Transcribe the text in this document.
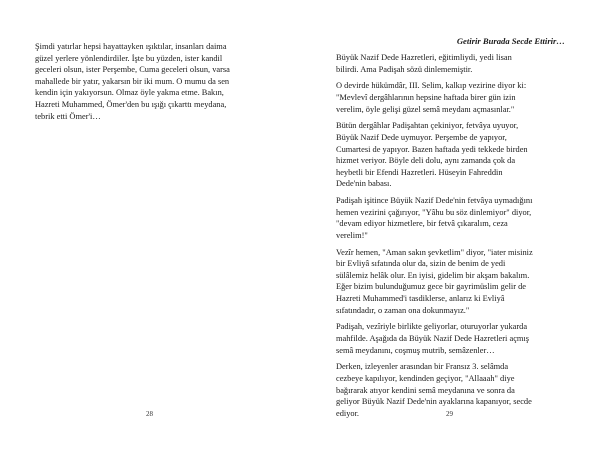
Şimdi yatırlar hepsi hayattayken ışıktılar, insanları daima
güzel yerlere yönlendirdiler. İşte bu yüzden, ister kandil
geceleri olsun, ister Perşembe, Cuma geceleri olsun, varsa
mahallede bir yatır, yakarsın bir iki mum. O mumu da sen
kendin için yakıyorsun. Olmaz öyle yakma etme. Bakın,
Hazreti Muhammed, Ömer'den bu ışığı çıkarttı meydana,
tebrik etti Ömer'i…

28
Getirir Burada Secde Ettirir…

Büyük Nazif Dede Hazretleri, eğitimliydi, yedi lisan
bilirdi. Ama Padişah sözü dinlememiştir.

O devirde hükümdâr, III. Selim, kalkıp vezirine diyor ki:
"Mevlevî dergâhlarının hepsine haftada birer gün izin
verelim, öyle gelişi güzel semâ meydanı açmasınlar."

Bütün dergâhlar Padişahtan çekiniyor, fetvâya uyuyor,
Büyük Nazif Dede uymuyor. Perşembe de yapıyor,
Cumartesi de yapıyor. Bazen haftada yedi tekkede birden
hizmet veriyor. Böyle deli dolu, aynı zamanda çok da
heybetli bir Efendi Hazretleri. Hüseyin Fahreddin
Dede'nin babası.

Padişah işitince Büyük Nazif Dede'nin fetvâya uymadığını
hemen vezirini çağırıyor, "Yâhu bu söz dinlemiyor" diyor,
"devam ediyor hizmetlere, bir fetvâ çıkaralım, ceza
verelim!"

Vezîr hemen, "Aman sakın şevketlim" diyor, "iater misiniz
bir Evliyâ sıfatında olur da, sizin de benim de yedi
sülâlemiz helâk olur. En iyisi, gidelim bir akşam bakalım.
Eğer bizim bulunduğumuz gece bir gayrimüslim gelir de
Hazreti Muhammed'i tasdiklerse, anlarız ki Evliyâ
sıfatındadır, o zaman ona dokunmayız."

Padişah, vezîriyle birlikte geliyorlar, oturuyorlar yukarda
mahfilde. Aşağıda da Büyük Nazif Dede Hazretleri açmış
semâ meydanını, coşmuş mutrib, semâzenler…

Derken, izleyenler arasından bir Fransız 3. selâmda
cezbeye kapılıyor, kendinden geçiyor, "Allaaah" diye
bağırarak atıyor kendini semâ meydanına ve sonra da
geliyor Büyük Nazif Dede'nin ayaklarına kapanıyor, secde
ediyor.	29
